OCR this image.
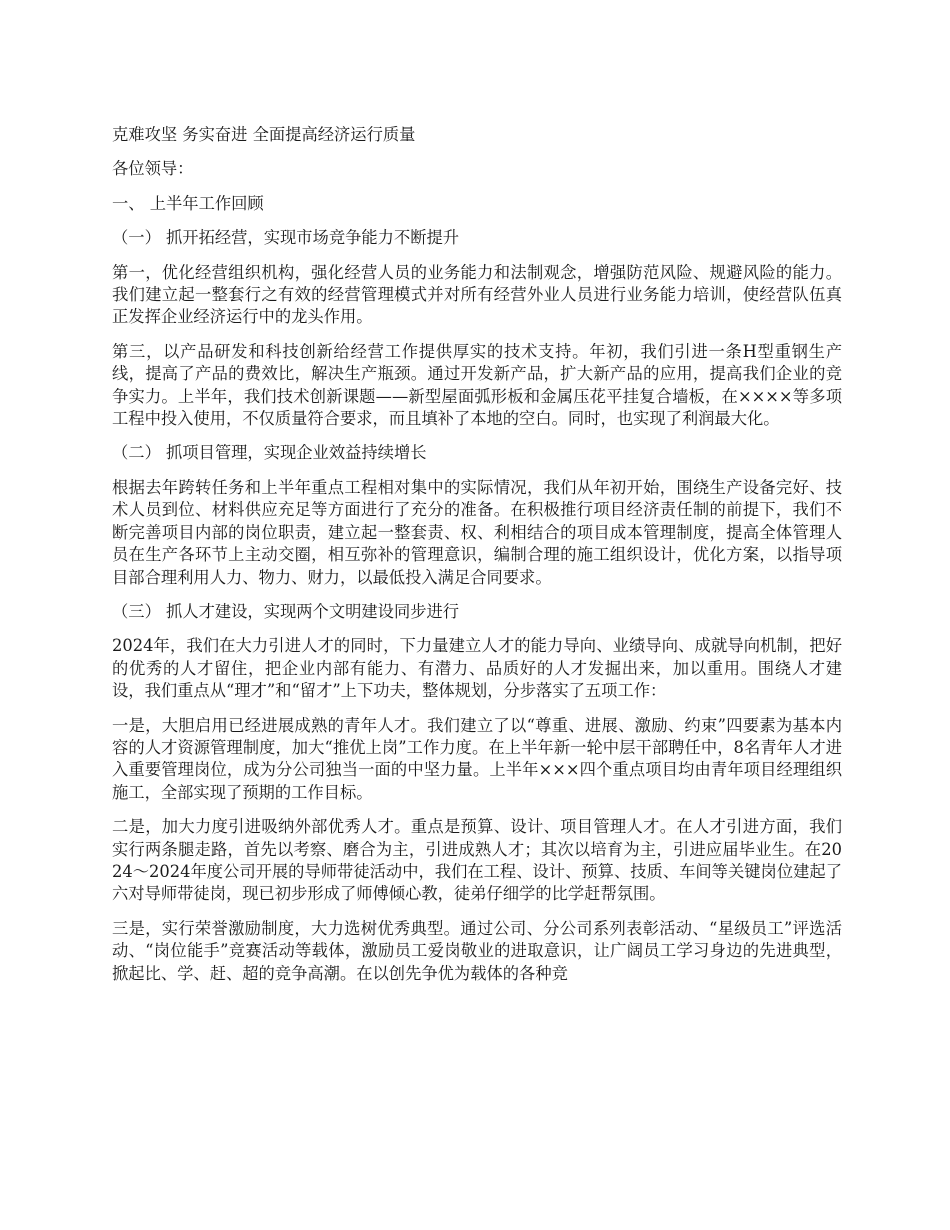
克难攻坚 务实奋进 全面提高经济运行质量

各位领导：

一、 上半年工作回顾

（一） 抓开拓经营，实现市场竞争能力不断提升

第一，优化经营组织机构，强化经营人员的业务能力和法制观念，增强防范风险、规避风险的能力。我们建立起一整套行之有效的经营管理模式并对所有经营外业人员进行业务能力培训，使经营队伍真正发挥企业经济运行中的龙头作用。

第三，以产品研发和科技创新给经营工作提供厚实的技术支持。年初，我们引进一条H型重钢生产线，提高了产品的费效比，解决生产瓶颈。通过开发新产品，扩大新产品的应用，提高我们企业的竞争实力。上半年，我们技术创新课题——新型屋面弧形板和金属压花平挂复合墙板，在××××等多项工程中投入使用，不仅质量符合要求，而且填补了本地的空白。同时，也实现了利润最大化。

（二） 抓项目管理，实现企业效益持续增长

根据去年跨转任务和上半年重点工程相对集中的实际情况，我们从年初开始，围绕生产设备完好、技术人员到位、材料供应充足等方面进行了充分的准备。在积极推行项目经济责任制的前提下，我们不断完善项目内部的岗位职责，建立起一整套责、权、利相结合的项目成本管理制度，提高全体管理人员在生产各环节上主动交圈，相互弥补的管理意识，编制合理的施工组织设计，优化方案，以指导项目部合理利用人力、物力、财力，以最低投入满足合同要求。

（三） 抓人才建设，实现两个文明建设同步进行

2024年，我们在大力引进人才的同时，下力量建立人才的能力导向、业绩导向、成就导向机制，把好的优秀的人才留住，把企业内部有能力、有潜力、品质好的人才发掘出来，加以重用。围绕人才建设，我们重点从“理才”和“留才”上下功夫，整体规划，分步落实了五项工作：

一是，大胆启用已经进展成熟的青年人才。我们建立了以“尊重、进展、激励、约束”四要素为基本内容的人才资源管理制度，加大“推优上岗”工作力度。在上半年新一轮中层干部聘任中，8名青年人才进入重要管理岗位，成为分公司独当一面的中坚力量。上半年×××四个重点项目均由青年项目经理组织施工，全部实现了预期的工作目标。

二是，加大力度引进吸纳外部优秀人才。重点是预算、设计、项目管理人才。在人才引进方面，我们实行两条腿走路，首先以考察、磨合为主，引进成熟人才；其次以培育为主，引进应届毕业生。在2024～2024年度公司开展的导师带徒活动中，我们在工程、设计、预算、技质、车间等关键岗位建起了六对导师带徒岗，现已初步形成了师傅倾心教，徒弟仔细学的比学赶帮氛围。

三是，实行荣誉激励制度，大力选树优秀典型。通过公司、分公司系列表彰活动、“星级员工”评选活动、“岗位能手”竞赛活动等载体，激励员工爱岗敬业的进取意识，让广阔员工学习身边的先进典型，掀起比、学、赶、超的竞争高潮。在以创先争优为载体的各种竞
